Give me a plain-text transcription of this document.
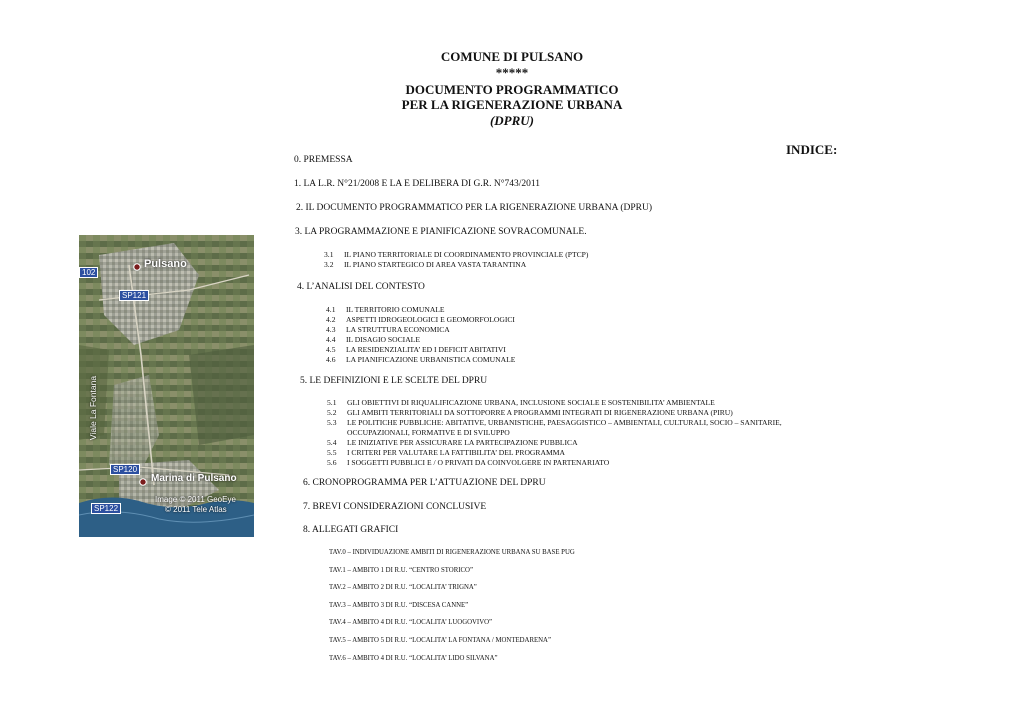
COMUNE DI PULSANO
*****
DOCUMENTO PROGRAMMATICO
PER LA RIGENERAZIONE URBANA
(DPRU)
INDICE:
0. PREMESSA
1. LA L.R. N°21/2008 E LA E DELIBERA DI G.R. N°743/2011
2. IL DOCUMENTO PROGRAMMATICO PER LA RIGENERAZIONE URBANA (DPRU)
3. LA PROGRAMMAZIONE E PIANIFICAZIONE SOVRACOMUNALE.
3.1 IL PIANO TERRITORIALE DI COORDINAMENTO PROVINCIALE (PTCP)
3.2 IL PIANO STARTEGICO DI AREA VASTA TARANTINA
4. L’ANALISI DEL CONTESTO
4.1 IL TERRITORIO COMUNALE
4.2 ASPETTI IDROGEOLOGICI E GEOMORFOLOGICI
4.3 LA STRUTTURA ECONOMICA
4.4 IL DISAGIO SOCIALE
4.5 LA RESIDENZIALITA’ ED I DEFICIT ABITATIVI
4.6 LA PIANIFICAZIONE URBANISTICA COMUNALE
5. LE DEFINIZIONI E LE SCELTE DEL DPRU
5.1 GLI OBIETTIVI DI RIQUALIFICAZIONE URBANA, INCLUSIONE SOCIALE E SOSTENIBILITA’ AMBIENTALE
5.2 GLI AMBITI TERRITORIALI DA SOTTOPORRE A PROGRAMMI INTEGRATI DI RIGENERAZIONE URBANA (PIRU)
5.3 LE POLITICHE PUBBLICHE: ABITATIVE, URBANISTICHE, PAESAGGISTICO – AMBIENTALI, CULTURALI, SOCIO – SANITARIE,
OCCUPAZIONALI, FORMATIVE E DI SVILUPPO
5.4 LE INIZIATIVE PER ASSICURARE LA PARTECIPAZIONE PUBBLICA
5.5 I CRITERI PER VALUTARE LA FATTIBILITA’ DEL PROGRAMMA
5.6 I SOGGETTI PUBBLICI E / O PRIVATI DA COINVOLGERE IN PARTENARIATO
6. CRONOPROGRAMMA PER L’ATTUAZIONE DEL DPRU
7. BREVI CONSIDERAZIONI CONCLUSIVE
8. ALLEGATI GRAFICI
TAV.0 – INDIVIDUAZIONE AMBITI DI RIGENERAZIONE URBANA SU BASE PUG
TAV.1 – AMBITO 1 DI R.U. “CENTRO STORICO”
TAV.2 – AMBITO 2 DI R.U. “LOCALITA’ TRIGNA”
TAV.3 – AMBITO 3 DI R.U. “DISCESA CANNE”
TAV.4 – AMBITO 4 DI R.U. “LOCALITA’ LUOGOVIVO”
TAV.5 – AMBITO 5 DI R.U. “LOCALITA’ LA FONTANA / MONTEDARENA”
TAV.6 – AMBITO 4 DI R.U. “LOCALITA’ LIDO SILVANA”
Pulsano
Marina di Pulsano
Viale La Fontana
Image © 2011 GeoEye
© 2011 Tele Atlas
102
SP121
SP120
SP122
